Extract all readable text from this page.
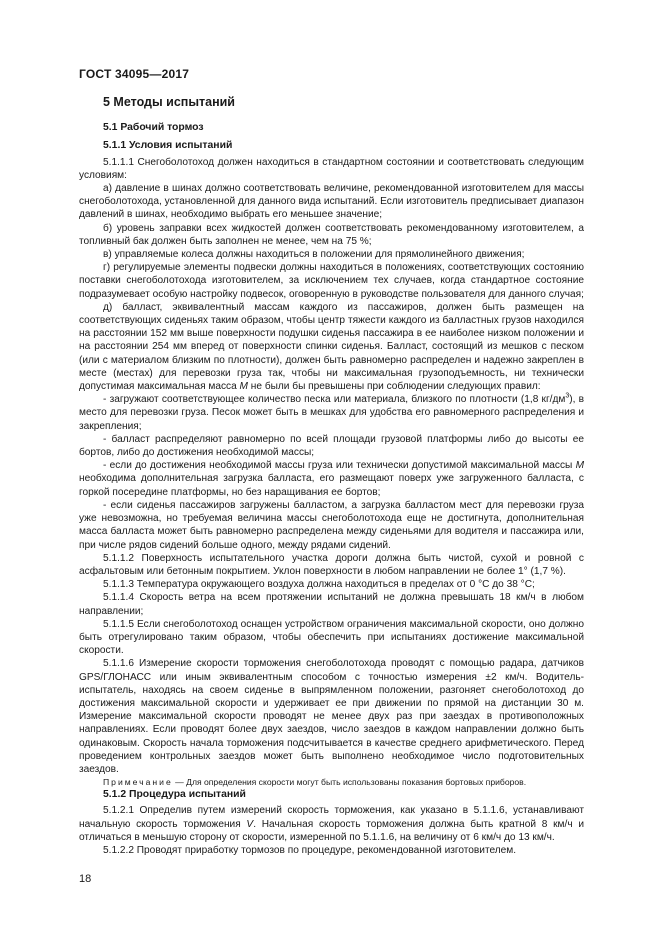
ГОСТ 34095—2017
5 Методы испытаний
5.1 Рабочий тормоз
5.1.1 Условия испытаний

5.1.1.1 Снегоболотоход должен находиться в стандартном состоянии и соответствовать следующим условиям:

а) давление в шинах должно соответствовать величине, рекомендованной изготовителем для массы снегоболотохода, установленной для данного вида испытаний. Если изготовитель предписывает диапазон давлений в шинах, необходимо выбрать его меньшее значение;

б) уровень заправки всех жидкостей должен соответствовать рекомендованному изготовителем, а топливный бак должен быть заполнен не менее, чем на 75 %;

в) управляемые колеса должны находиться в положении для прямолинейного движения;

г) регулируемые элементы подвески должны находиться в положениях, соответствующих состоянию поставки снегоболотохода изготовителем, за исключением тех случаев, когда стандартное состояние подразумевает особую настройку подвесок, оговоренную в руководстве пользователя для данного случая;

д) балласт, эквивалентный массам каждого из пассажиров, должен быть размещен на соответствующих сиденьях таким образом, чтобы центр тяжести каждого из балластных грузов находился на расстоянии 152 мм выше поверхности подушки сиденья пассажира в ее наиболее низком положении и на расстоянии 254 мм вперед от поверхности спинки сиденья. Балласт, состоящий из мешков с песком (или с материалом близким по плотности), должен быть равномерно распределен и надежно закреплен в месте (местах) для перевозки груза так, чтобы ни максимальная грузоподъемность, ни технически допустимая максимальная масса M не были бы превышены при соблюдении следующих правил:

- загружают соответствующее количество песка или материала, близкого по плотности (1,8 $кг/дм^3$), в место для перевозки груза. Песок может быть в мешках для удобства его равномерного распределения и закрепления;

- балласт распределяют равномерно по всей площади грузовой платформы либо до высоты ее бортов, либо до достижения необходимой массы;

- если до достижения необходимой массы груза или технически допустимой максимальной массы M необходима дополнительная загрузка балласта, его размещают поверх уже загруженного балласта, с горкой посередине платформы, но без наращивания ее бортов;

- если сиденья пассажиров загружены балластом, а загрузка балластом мест для перевозки груза уже невозможна, но требуемая величина массы снегоболотохода еще не достигнута, дополнительная масса балласта может быть равномерно распределена между сиденьями для водителя и пассажира или, при числе рядов сидений больше одного, между рядами сидений.

5.1.1.2 Поверхность испытательного участка дороги должна быть чистой, сухой и ровной с асфальтовым или бетонным покрытием. Уклон поверхности в любом направлении не более 1° (1,7 %).

5.1.1.3 Температура окружающего воздуха должна находиться в пределах от 0 °С до 38 °С;

5.1.1.4 Скорость ветра на всем протяжении испытаний не должна превышать 18 км/ч в любом направлении;

5.1.1.5 Если снегоболотоход оснащен устройством ограничения максимальной скорости, оно должно быть отрегулировано таким образом, чтобы обеспечить при испытаниях достижение максимальной скорости.

5.1.1.6 Измерение скорости торможения снегоболотохода проводят с помощью радара, датчиков GPS/ГЛОНАСС или иным эквивалентным способом с точностью измерения ±2 км/ч. Водитель-испытатель, находясь на своем сиденье в выпрямленном положении, разгоняет снегоболотоход до достижения максимальной скорости и удерживает ее при движении по прямой на дистанции 30 м. Измерение максимальной скорости проводят не менее двух раз при заездах в противоположных направлениях. Если проводят более двух заездов, число заездов в каждом направлении должно быть одинаковым. Скорость начала торможения подсчитывается в качестве среднего арифметического. Перед проведением контрольных заездов может быть выполнено необходимое число подготовительных заездов.

Примечание — Для определения скорости могут быть использованы показания бортовых приборов.

5.1.2 Процедура испытаний

5.1.2.1 Определив путем измерений скорость торможения, как указано в 5.1.1.6, устанавливают начальную скорость торможения V. Начальная скорость торможения должна быть кратной 8 км/ч и отличаться в меньшую сторону от скорости, измеренной по 5.1.1.6, на величину от 6 км/ч до 13 км/ч.

5.1.2.2 Проводят приработку тормозов по процедуре, рекомендованной изготовителем.

18
